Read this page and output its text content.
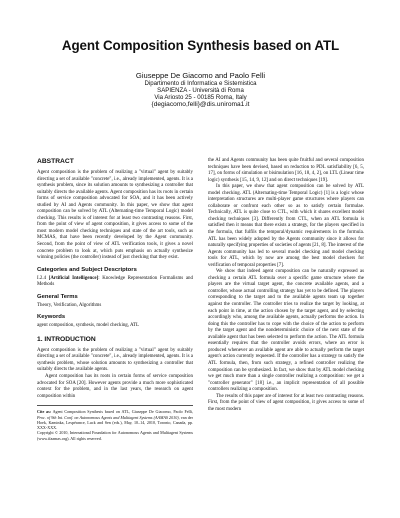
Agent Composition Synthesis based on ATL
Giuseppe De Giacomo and Paolo Felli
Dipartimento di Informatica e Sistemistica
SAPIENZA - Università di Roma
Via Ariosto 25 - 00185 Roma, Italy
{degiacomo,felli}@dis.uniroma1.it
ABSTRACT

Agent composition is the problem of realizing a "virtual" agent by suitably directing a set of available "concrete", i.e., already implemented, agents. It is a synthesis problem, since its solution amounts to synthesizing a controller that suitably directs the available agents. Agent composition has its roots in certain forms of service composition advocated for SOA, and it has been actively studied by AI and Agents community. In this paper, we show that agent composition can be solved by ATL (Alternating-time Temporal Logic) model checking. This results is of interest for at least two contrasting reasons. First, from the point of view of agent composition, it gives access to some of the most modern model checking techniques and state of the art tools, such as MCMAS, that have been recently developed by the Agent community. Second, from the point of view of ATL verification tools, it gives a novel concrete problem to look at, which puts emphasis on actually synthesize winning policies (the controller) instead of just checking that they exist.

Categories and Subject Descriptors

I.2.4 [Artificial Intelligence]: Knowledge Representation Formalisms and Methods

General Terms

Theory, Verification, Algorithms

Keywords

agent composition, synthesis, model checking, ATL

1. INTRODUCTION

Agent composition is the problem of realizing a "virtual" agent by suitably directing a set of available "concrete", i.e., already implemented, agents. It is a synthesis problem, whose solution amounts to synthesizing a controller that suitably directs the available agents.

Agent composition has its roots in certain forms of service composition advocated for SOA [20]. However agents provide a much more sophisticated context for the problem, and in the last years, the research on agent composition within

Cite as: Agent Composition Synthesis based on ATL, Giuseppe De Giacomo, Paolo Felli, Proc. of 9th Int. Conf. on Autonomous Agents and Multiagent Systems (AAMAS 2010), van der Hoek, Kaminka, Lespérance, Luck and Sen (eds.), May, 10–14, 2010, Toronto, Canada, pp. XXX-XXX.
Copyright © 2010, International Foundation for Autonomous Agents and Multiagent Systems (www.ifaamas.org). All rights reserved.

the AI and Agents community has been quite fruitful and several composition techniques have been devised, based on reduction to PDL satisfiability [6, 5, 17], on forms of simulation or bisimulation [16, 18, 4, 2], on LTL (Linear time logic) synthesis [15, 14, 9, 12] and on direct techniques [19].

In this paper, we show that agent composition can be solved by ATL model checking. ATL (Alternating-time Temporal Logic) [1] is a logic whose interpretation structures are multi-player game structures where players can collaborate or confront each other so as to satisfy certain formulae. Technically, ATL is quite close to CTL, with which it shares excellent model checking techniques [3]. Differently from CTL, when an ATL formula is satisfied then it means that there exists a strategy, for the players specified in the formula, that fulfils the temporal/dynamic requirements in the formula. ATL has been widely adopted by the Agents community since it allows for naturally specifying properties of societies of agents [21, 8]. The interest of the Agents community has led to several model checking and model checking tools for ATL, which by now are among the best model checkers for verification of temporal properties [7].

We show that indeed agent composition can be naturally expressed as checking a certain ATL formula over a specific game structure where the players are the virtual target agent, the concrete available agents, and a controller, whose actual controlling strategy has yet to be defined. The players corresponding to the target and to the available agents team up together against the controller. The controller tries to realize the target by looking, at each point in time, at the action chosen by the target agent, and by selecting accordingly who, among the available agents, actually performs the action. In doing this the controller has to cope with the choice of the action to perform by the target agent and the nondeterministic choice of the next state of the available agent that has been selected to perform the action. The ATL formula essentially requires that the controller avoids errors, where an error is produced whenever an available agent are able to actually perform the target agent's action currently requested. If the controller has a strategy to satisfy the ATL formula, then, from such strategy, a refined controller realizing the composition can be synthesized. In fact, we show that by ATL model checking we get much more than a single controller realizing a composition: we get a "controller generator" [18] i.e., an implicit representation of all possible controllers realizing a composition.

The results of this paper are of interest for at least two contrasting reasons. First, from the point of view of agent composition, it gives access to some of the most modern
